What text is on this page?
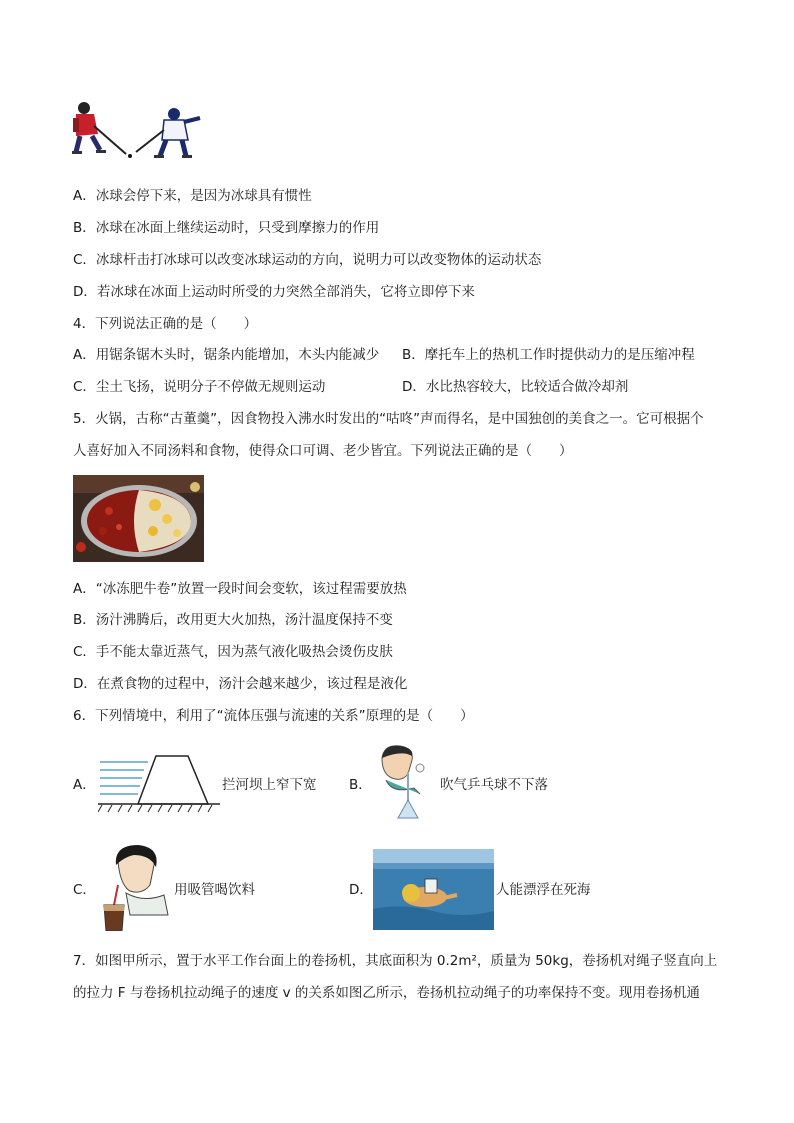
A．冰球会停下来，是因为冰球具有惯性
B．冰球在冰面上继续运动时，只受到摩擦力的作用
C．冰球杆击打冰球可以改变冰球运动的方向，说明力可以改变物体的运动状态
D．若冰球在冰面上运动时所受的力突然全部消失，它将立即停下来
4．下列说法正确的是（　　）
A．用锯条锯木头时，锯条内能增加，木头内能减少 B．摩托车上的热机工作时提供动力的是压缩冲程
C．尘土飞扬，说明分子不停做无规则运动	D．水比热容较大，比较适合做冷却剂
5．火锅，古称“古董羹”，因食物投入沸水时发出的“咕咚”声而得名，是中国独创的美食之一。它可根据个
人喜好加入不同汤料和食物，使得众口可调、老少皆宜。下列说法正确的是（　　）
A．“冰冻肥牛卷”放置一段时间会变软，该过程需要放热
B．汤汁沸腾后，改用更大火加热，汤汁温度保持不变
C．手不能太靠近蒸气，因为蒸气液化吸热会烫伤皮肤
D．在煮食物的过程中，汤汁会越来越少，该过程是液化
6．下列情境中，利用了“流体压强与流速的关系”原理的是（　　）
A．	拦河坝上窄下宽 B．	吹气乒乓球不下落
C．	用吸管喝饮料	D．	人能漂浮在死海
7．如图甲所示，置于水平工作台面上的卷扬机，其底面积为 0.2m²，质量为 50kg，卷扬机对绳子竖直向上
的拉力 F 与卷扬机拉动绳子的速度 v 的关系如图乙所示，卷扬机拉动绳子的功率保持不变。现用卷扬机通
